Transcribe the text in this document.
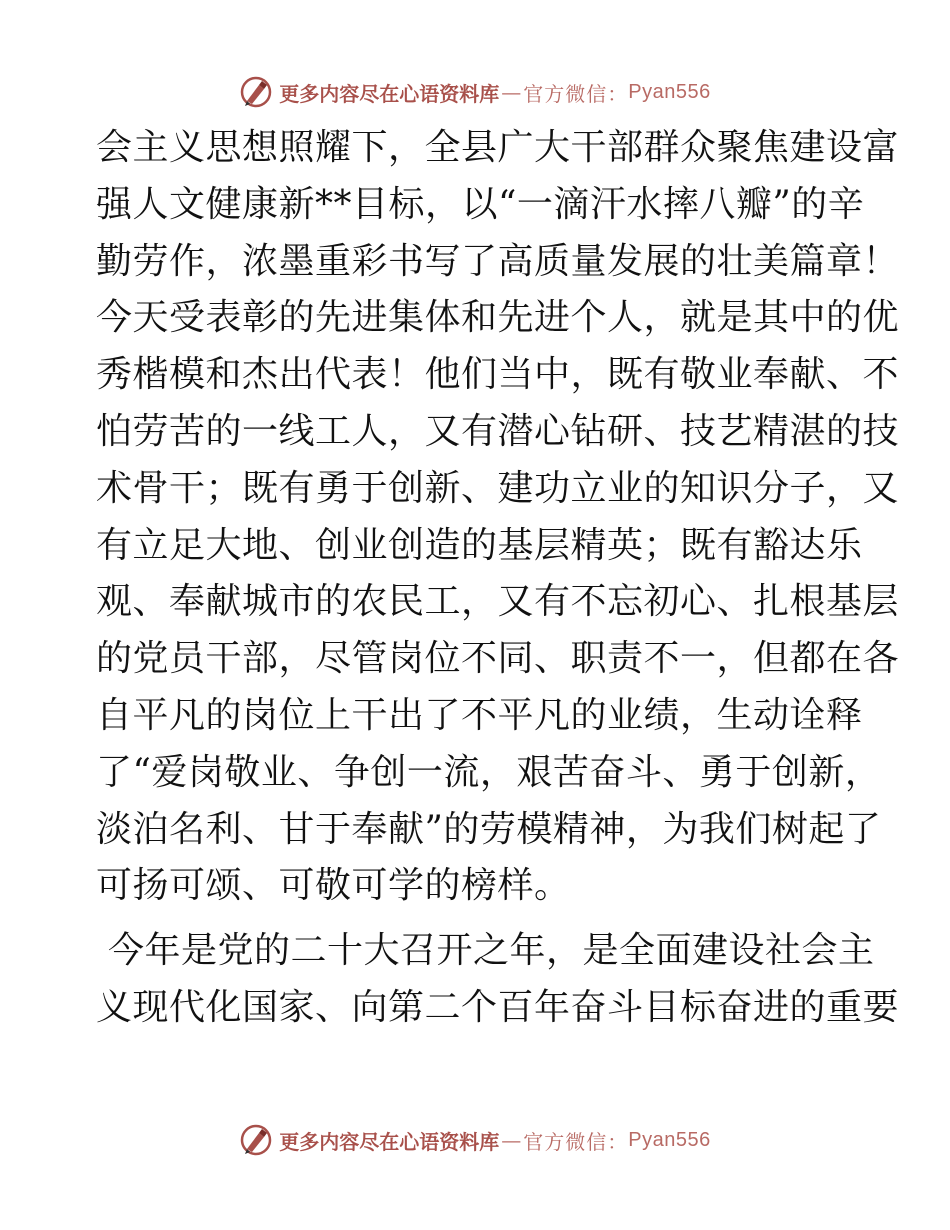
更多内容尽在心语资料库 — 官方微信： Pyan556
会主义思想照耀下，全县广大干部群众聚焦建设富
强人文健康新**目标，以“一滴汗水摔八瓣”的辛
勤劳作，浓墨重彩书写了高质量发展的壮美篇章！
今天受表彰的先进集体和先进个人，就是其中的优
秀楷模和杰出代表！他们当中，既有敬业奉献、不
怕劳苦的一线工人，又有潜心钻研、技艺精湛的技
术骨干；既有勇于创新、建功立业的知识分子，又
有立足大地、创业创造的基层精英；既有豁达乐
观、奉献城市的农民工，又有不忘初心、扎根基层
的党员干部，尽管岗位不同、职责不一，但都在各
自平凡的岗位上干出了不平凡的业绩，生动诠释
了“爱岗敬业、争创一流，艰苦奋斗、勇于创新，
淡泊名利、甘于奉献”的劳模精神，为我们树起了
可扬可颂、可敬可学的榜样。
今年是党的二十大召开之年，是全面建设社会主
义现代化国家、向第二个百年奋斗目标奋进的重要
更多内容尽在心语资料库 — 官方微信： Pyan556
